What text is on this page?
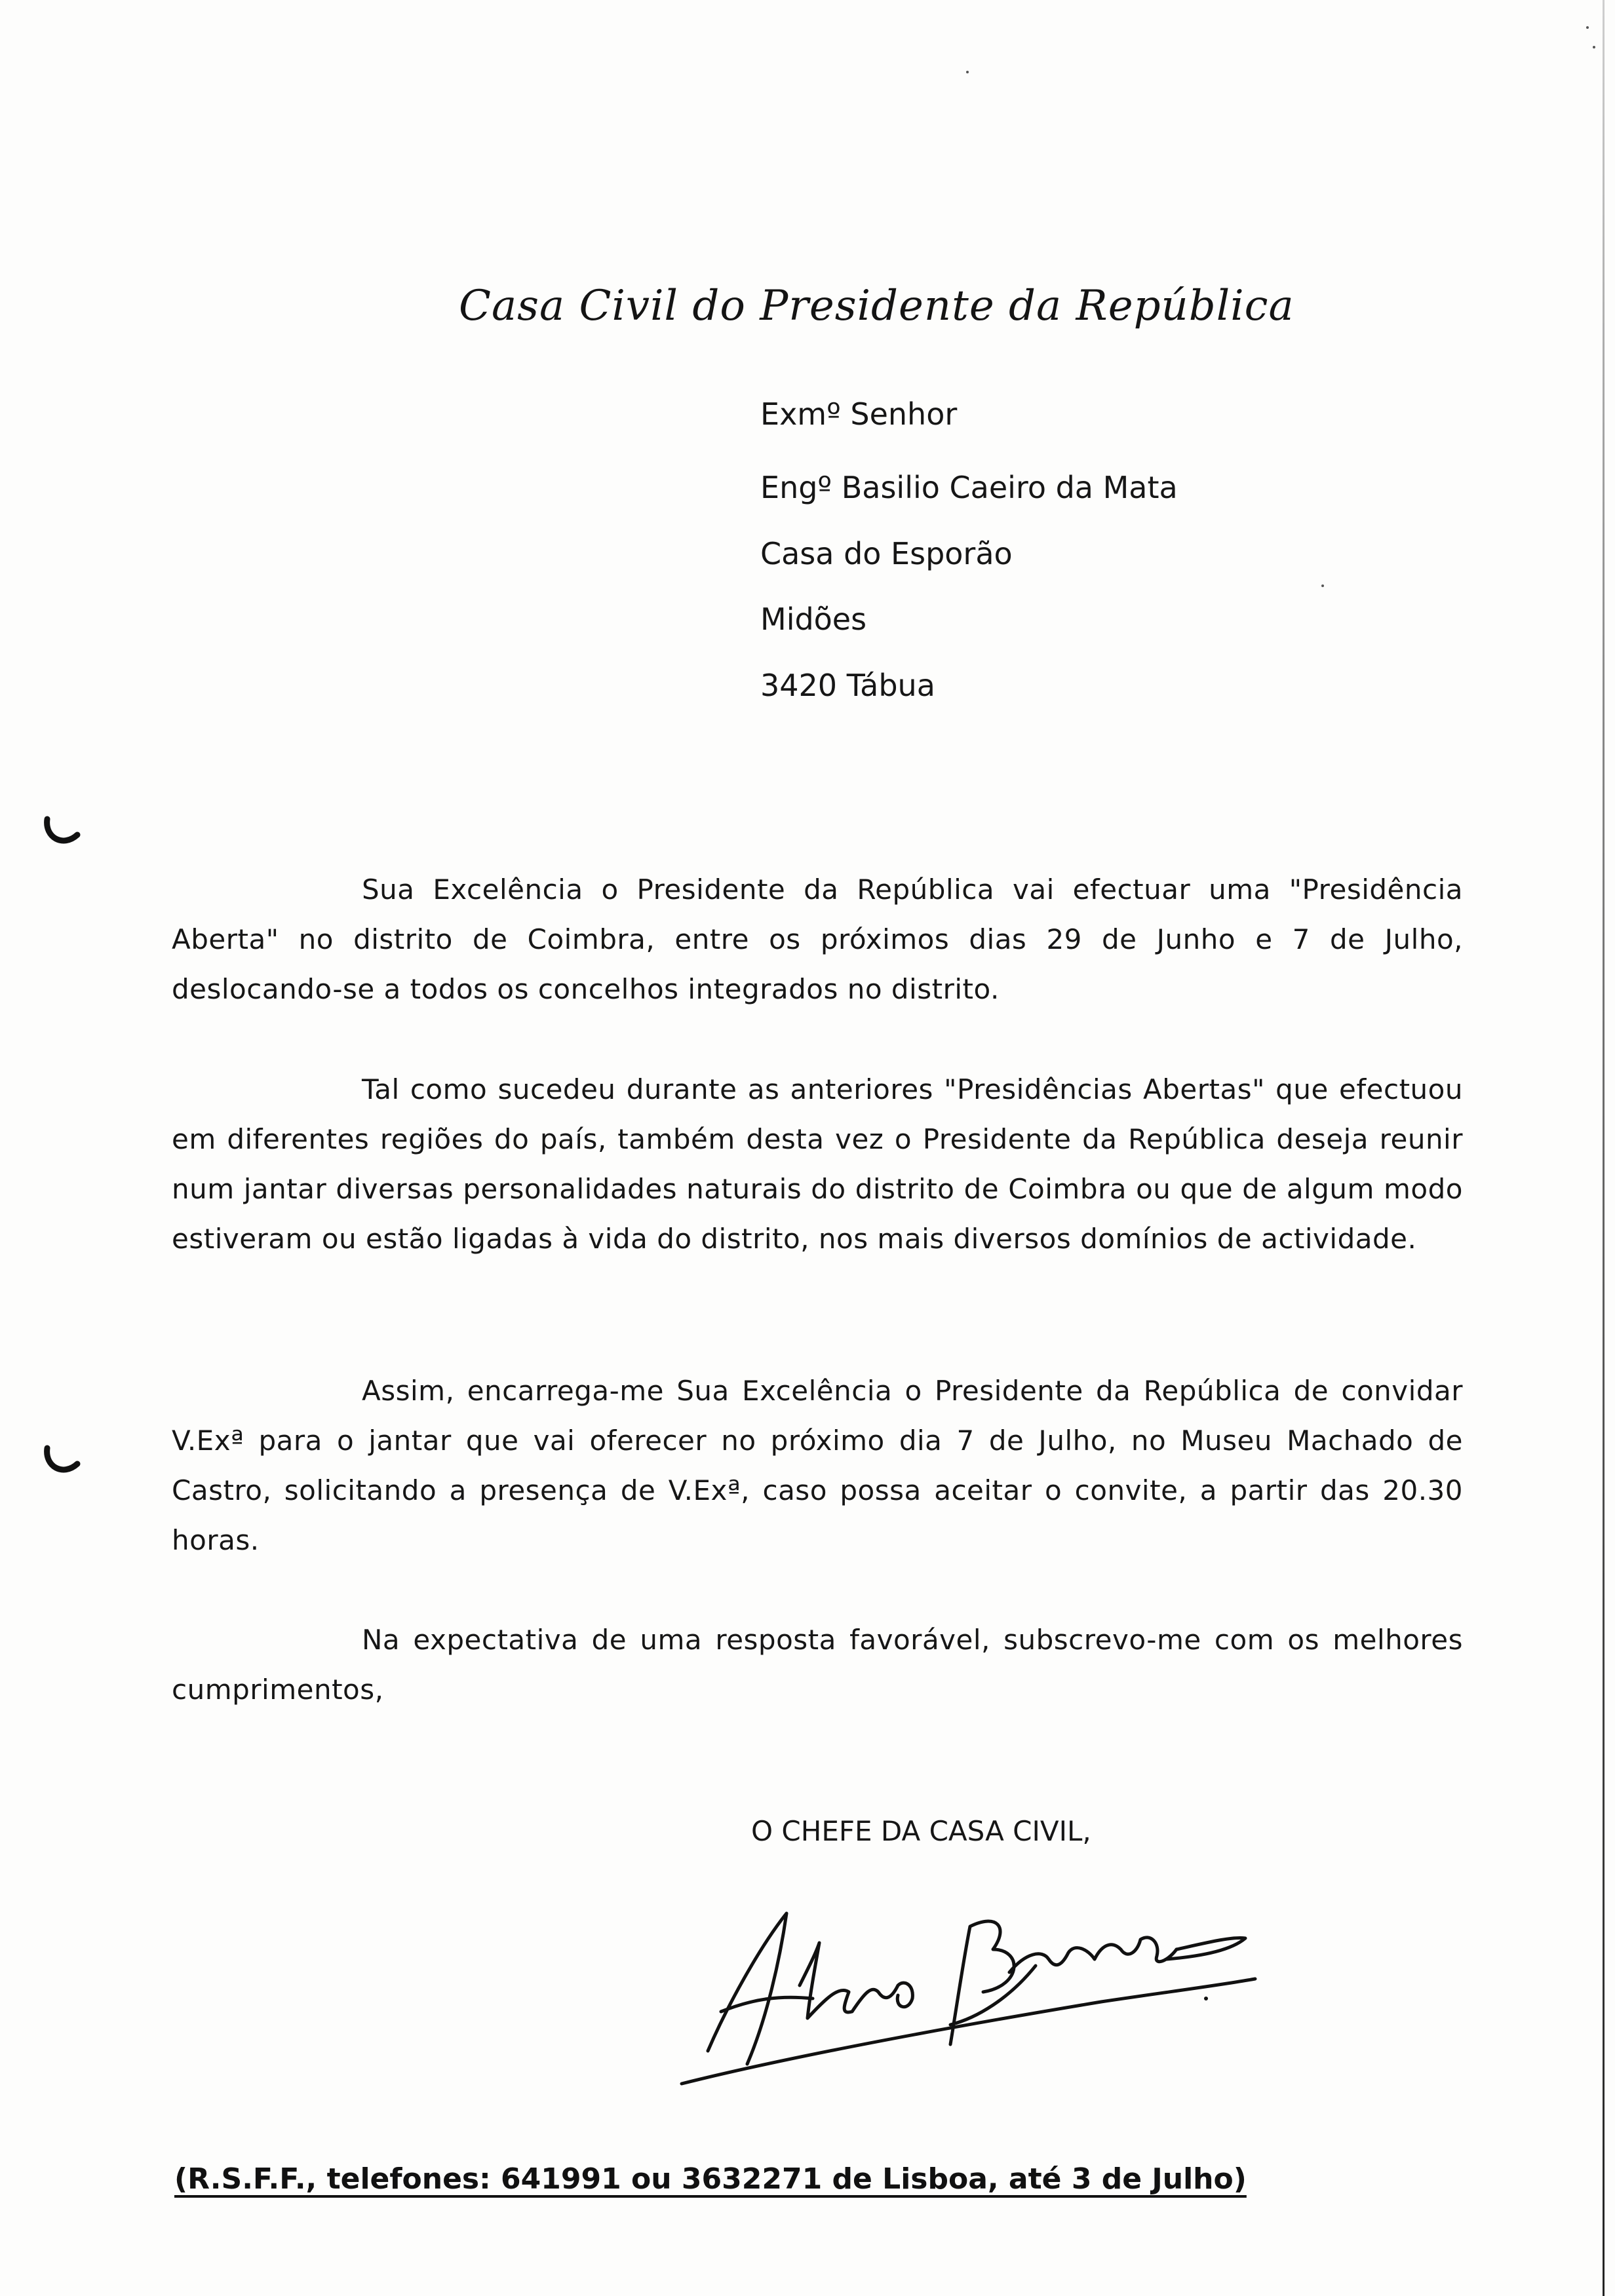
Casa Civil do Presidente da República
Exmº Senhor
Engº Basilio Caeiro da Mata
Casa do Esporão
Midões
3420 Tábua
Sua Excelência o Presidente da República vai efectuar uma "Presidência Aberta" no distrito de Coimbra, entre os próximos dias 29 de Junho e 7 de Julho, deslocando-se a todos os concelhos integrados no distrito.
Tal como sucedeu durante as anteriores "Presidências Abertas" que efectuou em diferentes regiões do país, também desta vez o Presidente da República deseja reunir num jantar diversas personalidades naturais do distrito de Coimbra ou que de algum modo estiveram ou estão ligadas à vida do distrito, nos mais diversos domínios de actividade.
Assim, encarrega-me Sua Excelência o Presidente da República de convidar V.Exª para o jantar que vai oferecer no próximo dia 7 de Julho, no Museu Machado de Castro, solicitando a presença de V.Exª, caso possa aceitar o convite, a partir das 20.30 horas.
Na expectativa de uma resposta favorável, subscrevo-me com os melhores cumprimentos,
O CHEFE DA CASA CIVIL,
(R.S.F.F., telefones: 641991 ou 3632271 de Lisboa, até 3 de Julho)
